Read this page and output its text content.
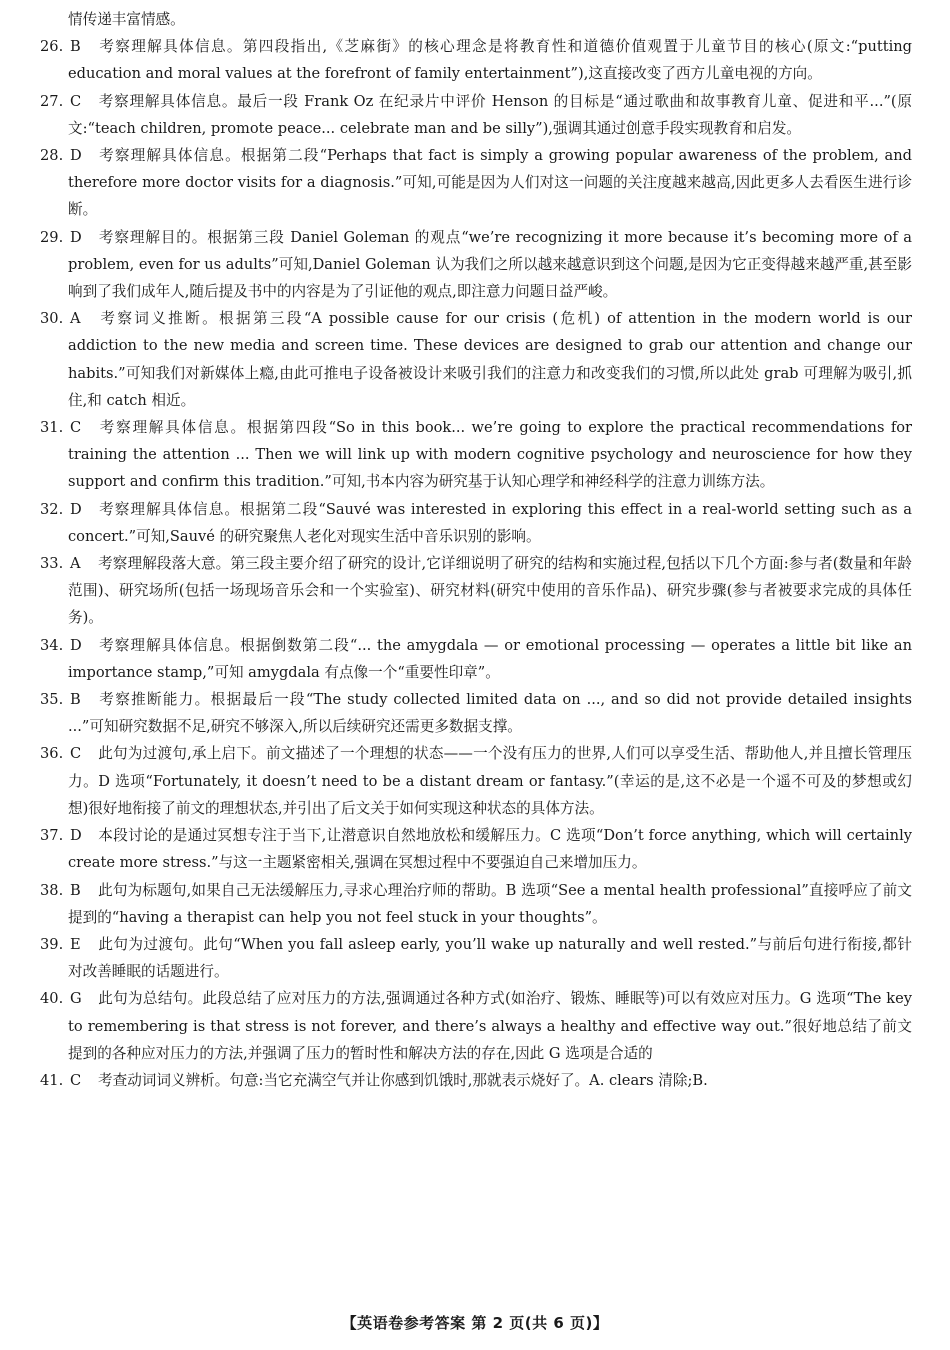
情传递丰富情感。
26. B 考察理解具体信息。第四段指出,《芝麻街》的核心理念是将教育性和道德价值观置于儿童节目的核心(原文:“putting education and moral values at the forefront of family entertainment”),这直接改变了西方儿童电视的方向。
27. C 考察理解具体信息。最后一段 Frank Oz 在纪录片中评价 Henson 的目标是“通过歌曲和故事教育儿童、促进和平...”(原文:“teach children, promote peace... celebrate man and be silly”),强调其通过创意手段实现教育和启发。
28. D 考察理解具体信息。根据第二段“Perhaps that fact is simply a growing popular awareness of the problem, and therefore more doctor visits for a diagnosis.”可知,可能是因为人们对这一问题的关注度越来越高,因此更多人去看医生进行诊断。
29. D 考察理解目的。根据第三段 Daniel Goleman 的观点“we’re recognizing it more because it’s becoming more of a problem, even for us adults”可知,Daniel Goleman 认为我们之所以越来越意识到这个问题,是因为它正变得越来越严重,甚至影响到了我们成年人,随后提及书中的内容是为了引证他的观点,即注意力问题日益严峻。
30. A 考察词义推断。根据第三段“A possible cause for our crisis (危机) of attention in the modern world is our addiction to the new media and screen time. These devices are designed to grab our attention and change our habits.”可知我们对新媒体上瘾,由此可推电子设备被设计来吸引我们的注意力和改变我们的习惯,所以此处 grab 可理解为吸引,抓住,和 catch 相近。
31. C 考察理解具体信息。根据第四段“So in this book... we’re going to explore the practical recommendations for training the attention ... Then we will link up with modern cognitive psychology and neuroscience for how they support and confirm this tradition.”可知,书本内容为研究基于认知心理学和神经科学的注意力训练方法。
32. D 考察理解具体信息。根据第二段“Sauvé was interested in exploring this effect in a real-world setting such as a concert.”可知,Sauvé 的研究聚焦人老化对现实生活中音乐识别的影响。
33. A 考察理解段落大意。第三段主要介绍了研究的设计,它详细说明了研究的结构和实施过程,包括以下几个方面:参与者(数量和年龄范围)、研究场所(包括一场现场音乐会和一个实验室)、研究材料(研究中使用的音乐作品)、研究步骤(参与者被要求完成的具体任务)。
34. D 考察理解具体信息。根据倒数第二段“... the amygdala — or emotional processing — operates a little bit like an importance stamp,”可知 amygdala 有点像一个“重要性印章”。
35. B 考察推断能力。根据最后一段“The study collected limited data on ..., and so did not provide detailed insights ...”可知研究数据不足,研究不够深入,所以后续研究还需更多数据支撑。
36. C 此句为过渡句,承上启下。前文描述了一个理想的状态——一个没有压力的世界,人们可以享受生活、帮助他人,并且擅长管理压力。D 选项“Fortunately, it doesn’t need to be a distant dream or fantasy.”(幸运的是,这不必是一个遥不可及的梦想或幻想)很好地衔接了前文的理想状态,并引出了后文关于如何实现这种状态的具体方法。
37. D 本段讨论的是通过冥想专注于当下,让潜意识自然地放松和缓解压力。C 选项“Don’t force anything, which will certainly create more stress.”与这一主题紧密相关,强调在冥想过程中不要强迫自己来增加压力。
38. B 此句为标题句,如果自己无法缓解压力,寻求心理治疗师的帮助。B 选项“See a mental health professional”直接呼应了前文提到的“having a therapist can help you not feel stuck in your thoughts”。
39. E 此句为过渡句。此句“When you fall asleep early, you’ll wake up naturally and well rested.”与前后句进行衔接,都针对改善睡眠的话题进行。
40. G 此句为总结句。此段总结了应对压力的方法,强调通过各种方式(如治疗、锻炼、睡眠等)可以有效应对压力。G 选项“The key to remembering is that stress is not forever, and there’s always a healthy and effective way out.”很好地总结了前文提到的各种应对压力的方法,并强调了压力的暂时性和解决方法的存在,因此 G 选项是合适的
41. C 考查动词词义辨析。句意:当它充满空气并让你感到饥饿时,那就表示烧好了。A. clears 清除;B.
【英语卷参考答案 第 2 页(共 6 页)】
